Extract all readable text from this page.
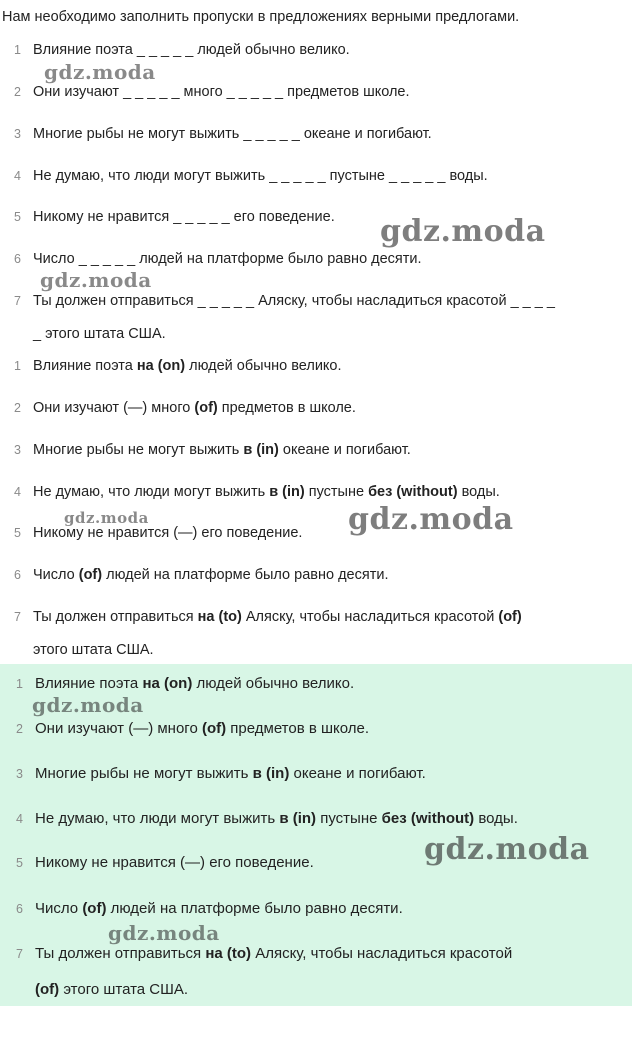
Нам необходимо заполнить пропуски в предложениях верными предлогами.
1 Влияние поэта _ _ _ _ _ людей обычно велико.
2 Они изучают _ _ _ _ _ много _ _ _ _ _ предметов школе.
3 Многие рыбы не могут выжить _ _ _ _ _ океане и погибают.
4 Не думаю, что люди могут выжить _ _ _ _ _ пустыне _ _ _ _ _ воды.
5 Никому не нравится _ _ _ _ _ его поведение.
6 Число _ _ _ _ _ людей на платформе было равно десяти.
7 Ты должен отправиться _ _ _ _ _ Аляску, чтобы насладиться красотой _ _ _ _
_ этого штата США.
1 Влияние поэта на (on) людей обычно велико.
2 Они изучают (—) много (of) предметов в школе.
3 Многие рыбы не могут выжить в (in) океане и погибают.
4 Не думаю, что люди могут выжить в (in) пустыне без (without) воды.
5 Никому не нравится (—) его поведение.
6 Число (of) людей на платформе было равно десяти.
7 Ты должен отправиться на (to) Аляску, чтобы насладиться красотой (of)
этого штата США.
1 Влияние поэта на (on) людей обычно велико.
2 Они изучают (—) много (of) предметов в школе.
3 Многие рыбы не могут выжить в (in) океане и погибают.
4 Не думаю, что люди могут выжить в (in) пустыне без (without) воды.
5 Никому не нравится (—) его поведение.
6 Число (of) людей на платформе было равно десяти.
7 Ты должен отправиться на (to) Аляску, чтобы насладиться красотой
(of) этого штата США.
gdz.moda
gdz.moda
gdz.moda
gdz.moda	gdz.moda
gdz.moda
gdz.moda
gdz.moda
